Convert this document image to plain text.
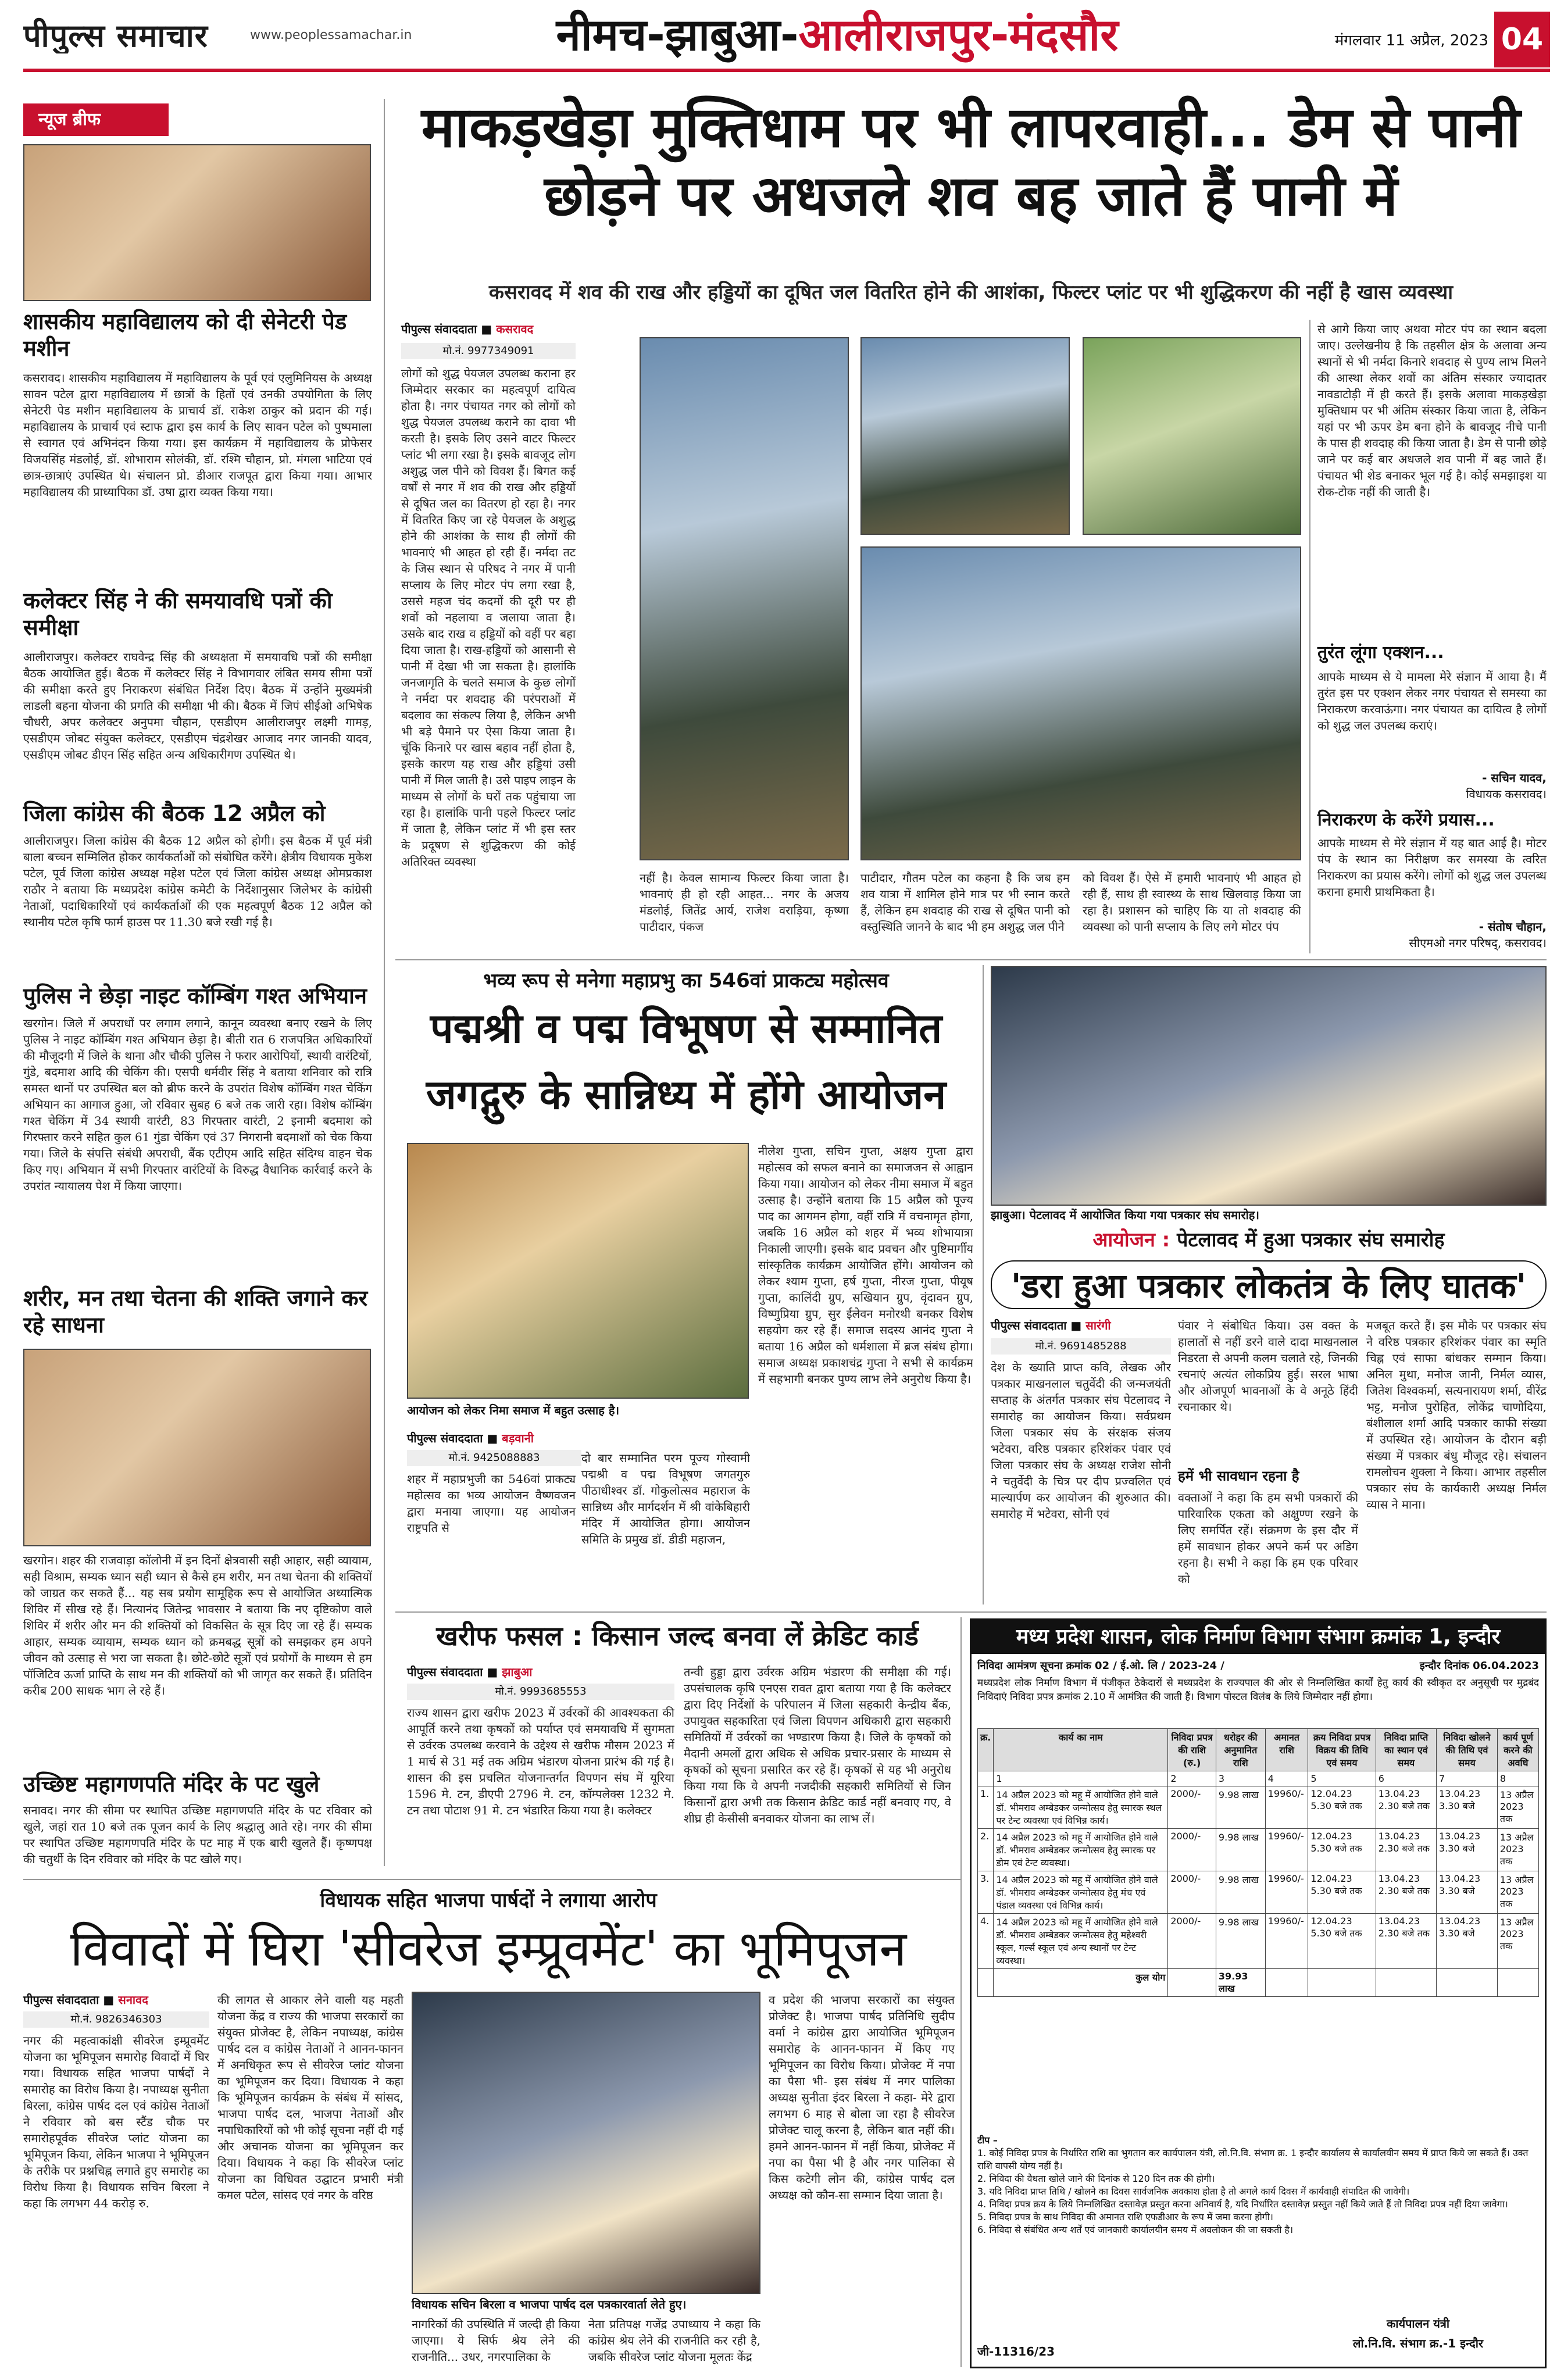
पीपुल्स समाचार	www.peoplessamachar.in	नीमच-झाबुआ-आलीराजपुर-मंदसौर	मंगलवार 11 अप्रैल, 2023 04
न्यूज ब्रीफ
शासकीय महाविद्यालय को दी सेनेटरी पेड मशीन
कसरावद। शासकीय महाविद्यालय में महाविद्यालय के पूर्व एवं एलुमिनियस के अध्यक्ष सावन पटेल द्वारा महाविद्यालय में छात्रों के हितों एवं उनकी उपयोगिता के लिए सेनेटरी पेड मशीन महाविद्यालय के प्राचार्य डॉ. राकेश ठाकुर को प्रदान की गई। महाविद्यालय के प्राचार्य एवं स्टाफ द्वारा इस कार्य के लिए सावन पटेल को पुष्पमाला से स्वागत एवं अभिनंदन किया गया। इस कार्यक्रम में महाविद्यालय के प्रोफेसर विजयसिंह मंडलोई, डॉ. शोभाराम सोलंकी, डॉ. रश्मि चौहान, प्रो. मंगला भाटिया एवं छात्र-छात्राएं उपस्थित थे। संचालन प्रो. डीआर राजपूत द्वारा किया गया। आभार महाविद्यालय की प्राध्यापिका डॉ. उषा द्वारा व्यक्त किया गया।
कलेक्टर सिंह ने की समयावधि पत्रों की समीक्षा
आलीराजपुर। कलेक्टर राघवेन्द्र सिंह की अध्यक्षता में समयावधि पत्रों की समीक्षा बैठक आयोजित हुई। बैठक में कलेक्टर सिंह ने विभागवार लंबित समय सीमा पत्रों की समीक्षा करते हुए निराकरण संबंधित निर्देश दिए। बैठक में उन्होंने मुख्यमंत्री लाडली बहना योजना की प्रगति की समीक्षा भी की। बैठक में जिपं सीईओ अभिषेक चौधरी, अपर कलेक्टर अनुपमा चौहान, एसडीएम आलीराजपुर लक्ष्मी गामड़, एसडीएम जोबट संयुक्त कलेक्टर, एसडीएम चंद्रशेखर आजाद नगर जानकी यादव, एसडीएम जोबट डीएन सिंह सहित अन्य अधिकारीगण उपस्थित थे।
जिला कांग्रेस की बैठक 12 अप्रैल को
आलीराजपुर। जिला कांग्रेस की बैठक 12 अप्रैल को होगी। इस बैठक में पूर्व मंत्री बाला बच्चन सम्मिलित होकर कार्यकर्ताओं को संबोधित करेंगे। क्षेत्रीय विधायक मुकेश पटेल, पूर्व जिला कांग्रेस अध्यक्ष महेश पटेल एवं जिला कांग्रेस अध्यक्ष ओमप्रकाश राठौर ने बताया कि मध्यप्रदेश कांग्रेस कमेटी के निर्देशानुसार जिलेभर के कांग्रेसी नेताओं, पदाधिकारियों एवं कार्यकर्ताओं की एक महत्वपूर्ण बैठक 12 अप्रैल को स्थानीय पटेल कृषि फार्म हाउस पर 11.30 बजे रखी गई है।
पुलिस ने छेड़ा नाइट कॉम्बिंग गश्त अभियान
खरगोन। जिले में अपराधों पर लगाम लगाने, कानून व्यवस्था बनाए रखने के लिए पुलिस ने नाइट कॉम्बिंग गश्त अभियान छेड़ा है। बीती रात 6 राजपत्रित अधिकारियों की मौजूदगी में जिले के थाना और चौकी पुलिस ने फरार आरोपियों, स्थायी वारंटियों, गुंडे, बदमाश आदि की चेकिंग की। एसपी धर्मवीर सिंह ने बताया शनिवार को रात्रि समस्त थानों पर उपस्थित बल को ब्रीफ करने के उपरांत विशेष कॉम्बिंग गश्त चेकिंग अभियान का आगाज हुआ, जो रविवार सुबह 6 बजे तक जारी रहा। विशेष कॉम्बिंग गश्त चेकिंग में 34 स्थायी वारंटी, 83 गिरफ्तार वारंटी, 2 इनामी बदमाश को गिरफ्तार करने सहित कुल 61 गुंडा चेकिंग एवं 37 निगरानी बदमाशों को चेक किया गया। जिले के संपत्ति संबंधी अपराधी, बैंक एटीएम आदि सहित संदिग्ध वाहन चेक किए गए। अभियान में सभी गिरफ्तार वारंटियों के विरुद्ध वैधानिक कार्रवाई करने के उपरांत न्यायालय पेश में किया जाएगा।
शरीर, मन तथा चेतना की शक्ति जगाने कर रहे साधना
खरगोन। शहर की राजवाड़ा कॉलोनी में इन दिनों क्षेत्रवासी सही आहार, सही व्यायाम, सही विश्राम, सम्यक ध्यान सही ध्यान से कैसे हम शरीर, मन तथा चेतना की शक्तियों को जाग्रत कर सकते हैं... यह सब प्रयोग सामूहिक रूप से आयोजित अध्यात्मिक शिविर में सीख रहे हैं। नित्यानंद जितेन्द्र भावसार ने बताया कि नए दृष्टिकोण वाले शिविर में शरीर और मन की शक्तियों को विकसित के सूत्र दिए जा रहे हैं। सम्यक आहार, सम्यक व्यायाम, सम्यक ध्यान को क्रमबद्ध सूत्रों को समझकर हम अपने जीवन को उत्साह से भरा जा सकता है। छोटे-छोटे सूत्रों एवं प्रयोगों के माध्यम से हम पॉजिटिव ऊर्जा प्राप्ति के साथ मन की शक्तियों को भी जागृत कर सकते हैं। प्रतिदिन करीब 200 साधक भाग ले रहे हैं।
उच्छिष्ट महागणपति मंदिर के पट खुले
सनावद। नगर की सीमा पर स्थापित उच्छिष्ट महागणपति मंदिर के पट रविवार को खुले, जहां रात 10 बजे तक पूजन कार्य के लिए श्रद्धालु आते रहे। नगर की सीमा पर स्थापित उच्छिष्ट महागणपति मंदिर के पट माह में एक बारी खुलते हैं। कृष्णपक्ष की चतुर्थी के दिन रविवार को मंदिर के पट खोले गए।
माकड़खेड़ा मुक्तिधाम पर भी लापरवाही... डेम से पानी छोड़ने पर अधजले शव बह जाते हैं पानी में
कसरावद में शव की राख और हड्डियों का दूषित जल वितरित होने की आशंका, फिल्टर प्लांट पर भी शुद्धिकरण की नहीं है खास व्यवस्था
पीपुल्स संवाददाता ■ कसरावद
मो.नं. 9977349091
लोगों को शुद्ध पेयजल उपलब्ध कराना हर जिम्मेदार सरकार का महत्वपूर्ण दायित्व होता है। नगर पंचायत नगर को लोगों को शुद्ध पेयजल उपलब्ध कराने का दावा भी करती है। इसके लिए उसने वाटर फिल्टर प्लांट भी लगा रखा है। इसके बावजूद लोग अशुद्ध जल पीने को विवश हैं। बिगत कई वर्षों से नगर में शव की राख और हड्डियों से दूषित जल का वितरण हो रहा है। नगर में वितरित किए जा रहे पेयजल के अशुद्ध होने की आशंका के साथ ही लोगों की भावनाएं भी आहत हो रही हैं। नर्मदा तट के जिस स्थान से परिषद ने नगर में पानी सप्लाय के लिए मोटर पंप लगा रखा है, उससे महज चंद कदमों की दूरी पर ही शवों को नहलाया व जलाया जाता है। उसके बाद राख व हड्डियों को वहीं पर बहा दिया जाता है। राख-हड्डियों को आसानी से पानी में देखा भी जा सकता है। हालांकि जनजागृति के चलते समाज के कुछ लोगों ने नर्मदा पर शवदाह की परंपराओं में बदलाव का संकल्प लिया है, लेकिन अभी भी बड़े पैमाने पर ऐसा किया जाता है। चूंकि किनारे पर खास बहाव नहीं होता है, इसके कारण यह राख और हड्डियां उसी पानी में मिल जाती है। उसे पाइप लाइन के माध्यम से लोगों के घरों तक पहुंचाया जा रहा है। हालांकि पानी पहले फिल्टर प्लांट में जाता है, लेकिन प्लांट में भी इस स्तर के प्रदूषण से शुद्धिकरण की कोई अतिरिक्त व्यवस्था
नहीं है। केवल सामान्य फिल्टर किया जाता है। भावनाएं ही हो रही आहत... नगर के अजय मंडलोई, जितेंद्र आर्य, राजेश वराड़िया, कृष्णा पाटीदार, पंकज
पाटीदार, गौतम पटेल का कहना है कि जब हम शव यात्रा में शामिल होने मात्र पर भी स्नान करते हैं, लेकिन हम शवदाह की राख से दूषित पानी को वस्तुस्थिति जानने के बाद भी हम अशुद्ध जल पीने
को विवश हैं। ऐसे में हमारी भावनाएं भी आहत हो रही हैं, साथ ही स्वास्थ्य के साथ खिलवाड़ किया जा रहा है। प्रशासन को चाहिए कि या तो शवदाह की व्यवस्था को पानी सप्लाय के लिए लगे मोटर पंप
से आगे किया जाए अथवा मोटर पंप का स्थान बदला जाए। उल्लेखनीय है कि तहसील क्षेत्र के अलावा अन्य स्थानों से भी नर्मदा किनारे शवदाह से पुण्य लाभ मिलने की आस्था लेकर शवों का अंतिम संस्कार ज्यादातर नावडाटोड़ी में ही करते हैं। इसके अलावा माकड़खेड़ा मुक्तिधाम पर भी अंतिम संस्कार किया जाता है, लेकिन यहां पर भी ऊपर डेम बना होने के बावजूद नीचे पानी के पास ही शवदाह की किया जाता है। डेम से पानी छोड़े जाने पर कई बार अधजले शव पानी में बह जाते हैं। पंचायत भी शेड बनाकर भूल गई है। कोई समझाइश या रोक-टोक नहीं की जाती है।
तुरंत लूंगा एक्शन...
आपके माध्यम से ये मामला मेरे संज्ञान में आया है। मैं तुरंत इस पर एक्शन लेकर नगर पंचायत से समस्या का निराकरण करवाऊंगा। नगर पंचायत का दायित्व है लोगों को शुद्ध जल उपलब्ध कराएं।
- सचिन यादव,
विधायक कसरावद।
निराकरण के करेंगे प्रयास...
आपके माध्यम से मेरे संज्ञान में यह बात आई है। मोटर पंप के स्थान का निरीक्षण कर समस्या के त्वरित निराकरण का प्रयास करेंगे। लोगों को शुद्ध जल उपलब्ध कराना हमारी प्राथमिकता है।
- संतोष चौहान,
सीएमओ नगर परिषद्, कसरावद।
भव्य रूप से मनेगा महाप्रभु का 546वां प्राकट्य महोत्सव
पद्मश्री व पद्म विभूषण से सम्मानित जगद्गुरु के सान्निध्य में होंगे आयोजन
आयोजन को लेकर निमा समाज में बहुत उत्साह है।
पीपुल्स संवाददाता ■ बड़वानी
मो.नं. 9425088883
शहर में महाप्रभुजी का 546वां प्राकट्य महोत्सव का भव्य आयोजन वैष्णवजन द्वारा मनाया जाएगा। यह आयोजन राष्ट्रपति से
दो बार सम्मानित परम पूज्य गोस्वामी पद्मश्री व पद्म विभूषण जगतगुरु पीठाधीश्वर डॉ. गोकुलोत्सव महाराज के सान्निध्य और मार्गदर्शन में श्री वांकेबिहारी मंदिर में आयोजित होगा। आयोजन समिति के प्रमुख डॉ. डीडी महाजन,
नीलेश गुप्ता, सचिन गुप्ता, अक्षय गुप्ता द्वारा महोत्सव को सफल बनाने का समाजजन से आह्वान किया गया। आयोजन को लेकर नीमा समाज में बहुत उत्साह है। उन्होंने बताया कि 15 अप्रैल को पूज्य पाद का आगमन होगा, वहीं रात्रि में वचनामृत होगा, जबकि 16 अप्रैल को शहर में भव्य शोभायात्रा निकाली जाएगी। इसके बाद प्रवचन और पुष्टिमार्गीय सांस्कृतिक कार्यक्रम आयोजित होंगे। आयोजन को लेकर श्याम गुप्ता, हर्ष गुप्ता, नीरज गुप्ता, पीयूष गुप्ता, कालिंदी ग्रुप, सखियान ग्रुप, वृंदावन ग्रुप, विष्णुप्रिया ग्रुप, सुर ईलेवन मनोरथी बनकर विशेष सहयोग कर रहे हैं। समाज सदस्य आनंद गुप्ता ने बताया 16 अप्रैल को धर्मशाला में ब्रज संबंध होगा। समाज अध्यक्ष प्रकाशचंद्र गुप्ता ने सभी से कार्यक्रम में सहभागी बनकर पुण्य लाभ लेने अनुरोध किया है।
झाबुआ। पेटलावद में आयोजित किया गया पत्रकार संघ समारोह।
आयोजन : पेटलावद में हुआ पत्रकार संघ समारोह
'डरा हुआ पत्रकार लोकतंत्र के लिए घातक'
पीपुल्स संवाददाता ■ सारंगी
मो.नं. 9691485288
देश के ख्याति प्राप्त कवि, लेखक और पत्रकार माखनलाल चतुर्वेदी की जन्मजयंती सप्ताह के अंतर्गत पत्रकार संघ पेटलावद ने समारोह का आयोजन किया। सर्वप्रथम जिला पत्रकार संघ के संरक्षक संजय भटेवरा, वरिष्ठ पत्रकार हरिशंकर पंवार एवं जिला पत्रकार संघ के अध्यक्ष राजेश सोनी ने चतुर्वेदी के चित्र पर दीप प्रज्वलित एवं माल्यार्पण कर आयोजन की शुरुआत की। समारोह में भटेवरा, सोनी एवं
पंवार ने संबोधित किया। उस वक्त के हालातों से नहीं डरने वाले दादा माखनलाल निडरता से अपनी कलम चलाते रहे, जिनकी रचनाएं अत्यंत लोकप्रिय हुई। सरल भाषा और ओजपूर्ण भावनाओं के वे अनूठे हिंदी रचनाकार थे।
हमें भी सावधान रहना है
वक्ताओं ने कहा कि हम सभी पत्रकारों की पारिवारिक एकता को अक्षुण्ण रखने के लिए समर्पित रहें। संक्रमण के इस दौर में हमें सावधान होकर अपने कर्म पर अडिग रहना है। सभी ने कहा कि हम एक परिवार को
मजबूत करते हैं। इस मौके पर पत्रकार संघ ने वरिष्ठ पत्रकार हरिशंकर पंवार का स्मृति चिह्न एवं साफा बांधकर सम्मान किया। अनिल मुथा, मनोज जानी, निर्मल व्यास, जितेश विश्वकर्मा, सत्यनारायण शर्मा, वीरेंद्र भट्ट, मनोज पुरोहित, लोकेंद्र चाणोदिया, बंशीलाल शर्मा आदि पत्रकार काफी संख्या में उपस्थित रहे। आयोजन के दौरान बड़ी संख्या में पत्रकार बंधु मौजूद रहे। संचालन रामलोचन शुक्ला ने किया। आभार तहसील पत्रकार संघ के कार्यकारी अध्यक्ष निर्मल व्यास ने माना।
खरीफ फसल : किसान जल्द बनवा लें क्रेडिट कार्ड
पीपुल्स संवाददाता ■ झाबुआ
मो.नं. 9993685553
राज्य शासन द्वारा खरीफ 2023 में उर्वरकों की आवश्यकता की आपूर्ति करने तथा कृषकों को पर्याप्त एवं समयावधि में सुगमता से उर्वरक उपलब्ध करवाने के उद्देश्य से खरीफ मौसम 2023 में 1 मार्च से 31 मई तक अग्रिम भंडारण योजना प्रारंभ की गई है। शासन की इस प्रचलित योजनान्तर्गत विपणन संघ में यूरिया 1596 मे. टन, डीएपी 2796 मे. टन, कॉम्पलेक्स 1232 मे. टन तथा पोटाश 91 मे. टन भंडारित किया गया है। कलेक्टर
तन्वी हुड्डा द्वारा उर्वरक अग्रिम भंडारण की समीक्षा की गई। उपसंचालक कृषि एनएस रावत द्वारा बताया गया है कि कलेक्टर द्वारा दिए निर्देशों के परिपालन में जिला सहकारी केन्द्रीय बैंक, उपायुक्त सहकारिता एवं जिला विपणन अधिकारी द्वारा सहकारी समितियों में उर्वरकों का भण्डारण किया है। जिले के कृषकों को मैदानी अमलों द्वारा अधिक से अधिक प्रचार-प्रसार के माध्यम से कृषकों को सूचना प्रसारित कर रहे हैं। कृषकों से यह भी अनुरोध किया गया कि वे अपनी नजदीकी सहकारी समितियों से जिन किसानों द्वारा अभी तक किसान क्रेडिट कार्ड नहीं बनवाए गए, वे शीघ्र ही केसीसी बनवाकर योजना का लाभ लें।
मध्य प्रदेश शासन, लोक निर्माण विभाग संभाग क्रमांक 1, इन्दौर
निविदा आमंत्रण सूचना क्रमांक 02 / ई.ओ. लि / 2023-24 /	इन्दौर दिनांक 06.04.2023
मध्यप्रदेश लोक निर्माण विभाग में पंजीकृत ठेकेदारों से मध्यप्रदेश के राज्यपाल की ओर से निम्नलिखित कार्यों हेतु कार्य की स्वीकृत दर अनुसूची पर मुद्रबंद निविदाएं निविदा प्रपत्र क्रमांक 2.10 में आमंत्रित की जाती हैं। विभाग पोस्टल विलंब के लिये जिम्मेदार नहीं होगा।
क्र.	कार्य का नाम	निविदा प्रपत्र की राशि (रु.)	धरोहर की अनुमानित राशि	अमानत राशि	क्रय निविदा प्रपत्र विक्रय की तिथि एवं समय	निविदा प्राप्ति का स्थान एवं समय	निविदा खोलने की तिथि एवं समय	कार्य पूर्ण करने की अवधि
	1	2	3	4	5	6	7	8
1.	14 अप्रैल 2023 को महू में आयोजित होने वाले डॉ. भीमराव अम्बेडकर जन्मोत्सव हेतु स्मारक स्थल पर टेन्ट व्यवस्था एवं विभिन्न कार्य।	2000/-	9.98 लाख	19960/-	12.04.23 5.30 बजे तक	13.04.23 2.30 बजे तक	13.04.23 3.30 बजे	13 अप्रैल 2023 तक
2.	14 अप्रैल 2023 को महू में आयोजित होने वाले डॉ. भीमराव अम्बेडकर जन्मोत्सव हेतु स्मारक पर डोम एवं टेन्ट व्यवस्था।	2000/-	9.98 लाख	19960/-	12.04.23 5.30 बजे तक	13.04.23 2.30 बजे तक	13.04.23 3.30 बजे	13 अप्रैल 2023 तक
3.	14 अप्रैल 2023 को महू में आयोजित होने वाले डॉ. भीमराव अम्बेडकर जन्मोत्सव हेतु मंच एवं पंडाल व्यवस्था एवं विभिन्न कार्य।	2000/-	9.98 लाख	19960/-	12.04.23 5.30 बजे तक	13.04.23 2.30 बजे तक	13.04.23 3.30 बजे	13 अप्रैल 2023 तक
4.	14 अप्रैल 2023 को महू में आयोजित होने वाले डॉ. भीमराव अम्बेडकर जन्मोत्सव हेतु महेश्वरी स्कूल, गर्ल्स स्कूल एवं अन्य स्थानों पर टेन्ट व्यवस्था।	2000/-	9.98 लाख	19960/-	12.04.23 5.30 बजे तक	13.04.23 2.30 बजे तक	13.04.23 3.30 बजे	13 अप्रैल 2023 तक
	कुल योग		39.93 लाख					
टीप –
1. कोई निविदा प्रपत्र के निर्धारित राशि का भुगतान कर कार्यपालन यंत्री, लो.नि.वि. संभाग क्र. 1 इन्दौर कार्यालय से कार्यालयीन समय में प्राप्त किये जा सकते हैं। उक्त राशि वापसी योग्य नहीं है।
2. निविदा की वैधता खोले जाने की दिनांक से 120 दिन तक की होगी।
3. यदि निविदा प्राप्त तिथि / खोलने का दिवस सार्वजनिक अवकाश होता है तो अगले कार्य दिवस में कार्यवाही संपादित की जावेगी।
4. निविदा प्रपत्र क्रय के लिये निम्नलिखित दस्तावेज़ प्रस्तुत करना अनिवार्य है, यदि निर्धारित दस्तावेज़ प्रस्तुत नहीं किये जाते हैं तो निविदा प्रपत्र नहीं दिया जावेगा।
5. निविदा प्रपत्र के साथ निविदा की अमानत राशि एफडीआर के रूप में जमा करना होगी।
6. निविदा से संबंधित अन्य शर्तें एवं जानकारी कार्यालयीन समय में अवलोकन की जा सकती है।
जी-11316/23
कार्यपालन यंत्री
लो.नि.वि. संभाग क्र.-1 इन्दौर
विधायक सहित भाजपा पार्षदों ने लगाया आरोप
विवादों में घिरा 'सीवरेज इम्प्रूवमेंट' का भूमिपूजन
पीपुल्स संवाददाता ■ सनावद
मो.नं. 9826346303
नगर की महत्वाकांक्षी सीवरेज इम्प्रूवमेंट योजना का भूमिपूजन समारोह विवादों में घिर गया। विधायक सहित भाजपा पार्षदों ने समारोह का विरोध किया है। नपाध्यक्ष सुनीता बिरला, कांग्रेस पार्षद दल एवं कांग्रेस नेताओं ने रविवार को बस स्टैंड चौक पर समारोहपूर्वक सीवरेज प्लांट योजना का भूमिपूजन किया, लेकिन भाजपा ने भूमिपूजन के तरीके पर प्रश्नचिह्न लगाते हुए समारोह का विरोध किया है। विधायक सचिन बिरला ने कहा कि लगभग 44 करोड़ रु.
की लागत से आकार लेने वाली यह महती योजना केंद्र व राज्य की भाजपा सरकारों का संयुक्त प्रोजेक्ट है, लेकिन नपाध्यक्ष, कांग्रेस पार्षद दल व कांग्रेस नेताओं ने आनन-फानन में अनधिकृत रूप से सीवरेज प्लांट योजना का भूमिपूजन कर दिया। विधायक ने कहा कि भूमिपूजन कार्यक्रम के संबंध में सांसद, भाजपा पार्षद दल, भाजपा नेताओं और नपाधिकारियों को भी कोई सूचना नहीं दी गई और अचानक योजना का भूमिपूजन कर दिया। विधायक ने कहा कि सीवरेज प्लांट योजना का विधिवत उद्घाटन प्रभारी मंत्री कमल पटेल, सांसद एवं नगर के वरिष्ठ
विधायक सचिन बिरला व भाजपा पार्षद दल पत्रकारवार्ता लेते हुए।
नागरिकों की उपस्थिति में जल्दी ही किया जाएगा। ये सिर्फ श्रेय लेने की राजनीति... उधर, नगरपालिका के
नेता प्रतिपक्ष गजेंद्र उपाध्याय ने कहा कि कांग्रेस श्रेय लेने की राजनीति कर रही है, जबकि सीवरेज प्लांट योजना मूलतः केंद्र
व प्रदेश की भाजपा सरकारों का संयुक्त प्रोजेक्ट है। भाजपा पार्षद प्रतिनिधि सुदीप वर्मा ने कांग्रेस द्वारा आयोजित भूमिपूजन समारोह के आनन-फानन में किए गए भूमिपूजन का विरोध किया। प्रोजेक्ट में नपा का पैसा भी- इस संबंध में नगर पालिका अध्यक्ष सुनीता इंदर बिरला ने कहा- मेरे द्वारा लगभग 6 माह से बोला जा रहा है सीवरेज प्रोजेक्ट चालू करना है, लेकिन बात नहीं की। हमने आनन-फानन में नहीं किया, प्रोजेक्ट में नपा का पैसा भी है और नगर पालिका से किस कटेगी लोन की, कांग्रेस पार्षद दल अध्यक्ष को कौन-सा सम्मान दिया जाता है।
